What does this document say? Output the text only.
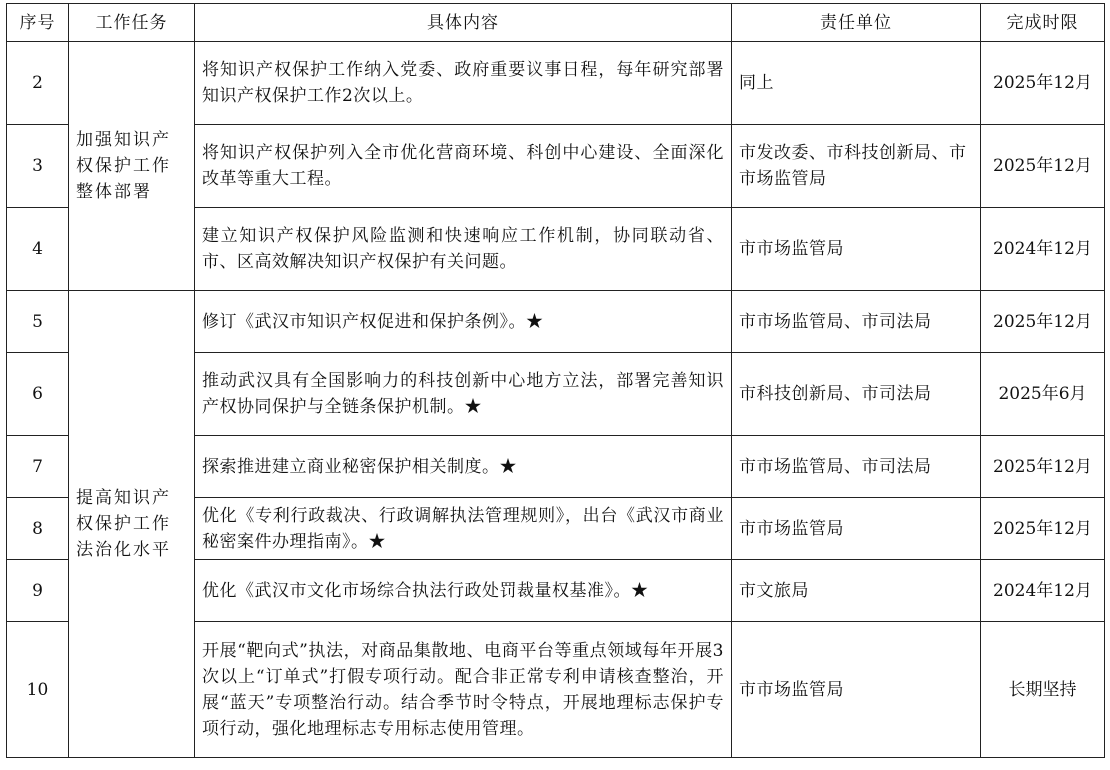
序号	工作任务	具体内容	责任单位	完成时限
2	加强知识产权保护工作整体部署	将知识产权保护工作纳入党委、政府重要议事日程，每年研究部署知识产权保护工作2次以上。	同上	2025年12月
3		将知识产权保护列入全市优化营商环境、科创中心建设、全面深化改革等重大工程。	市发改委、市科技创新局、市市场监管局	2025年12月
4		建立知识产权保护风险监测和快速响应工作机制，协同联动省、市、区高效解决知识产权保护有关问题。	市市场监管局	2024年12月
5	提高知识产权保护工作法治化水平	修订《武汉市知识产权促进和保护条例》。★	市市场监管局、市司法局	2025年12月
6		推动武汉具有全国影响力的科技创新中心地方立法，部署完善知识产权协同保护与全链条保护机制。★	市科技创新局、市司法局	2025年6月
7		探索推进建立商业秘密保护相关制度。★	市市场监管局、市司法局	2025年12月
8		优化《专利行政裁决、行政调解执法管理规则》，出台《武汉市商业秘密案件办理指南》。★	市市场监管局	2025年12月
9		优化《武汉市文化市场综合执法行政处罚裁量权基准》。★	市文旅局	2024年12月
10		开展“靶向式”执法，对商品集散地、电商平台等重点领域每年开展3次以上“订单式”打假专项行动。配合非正常专利申请核查整治，开展“蓝天”专项整治行动。结合季节时令特点，开展地理标志保护专项行动，强化地理标志专用标志使用管理。	市市场监管局	长期坚持
